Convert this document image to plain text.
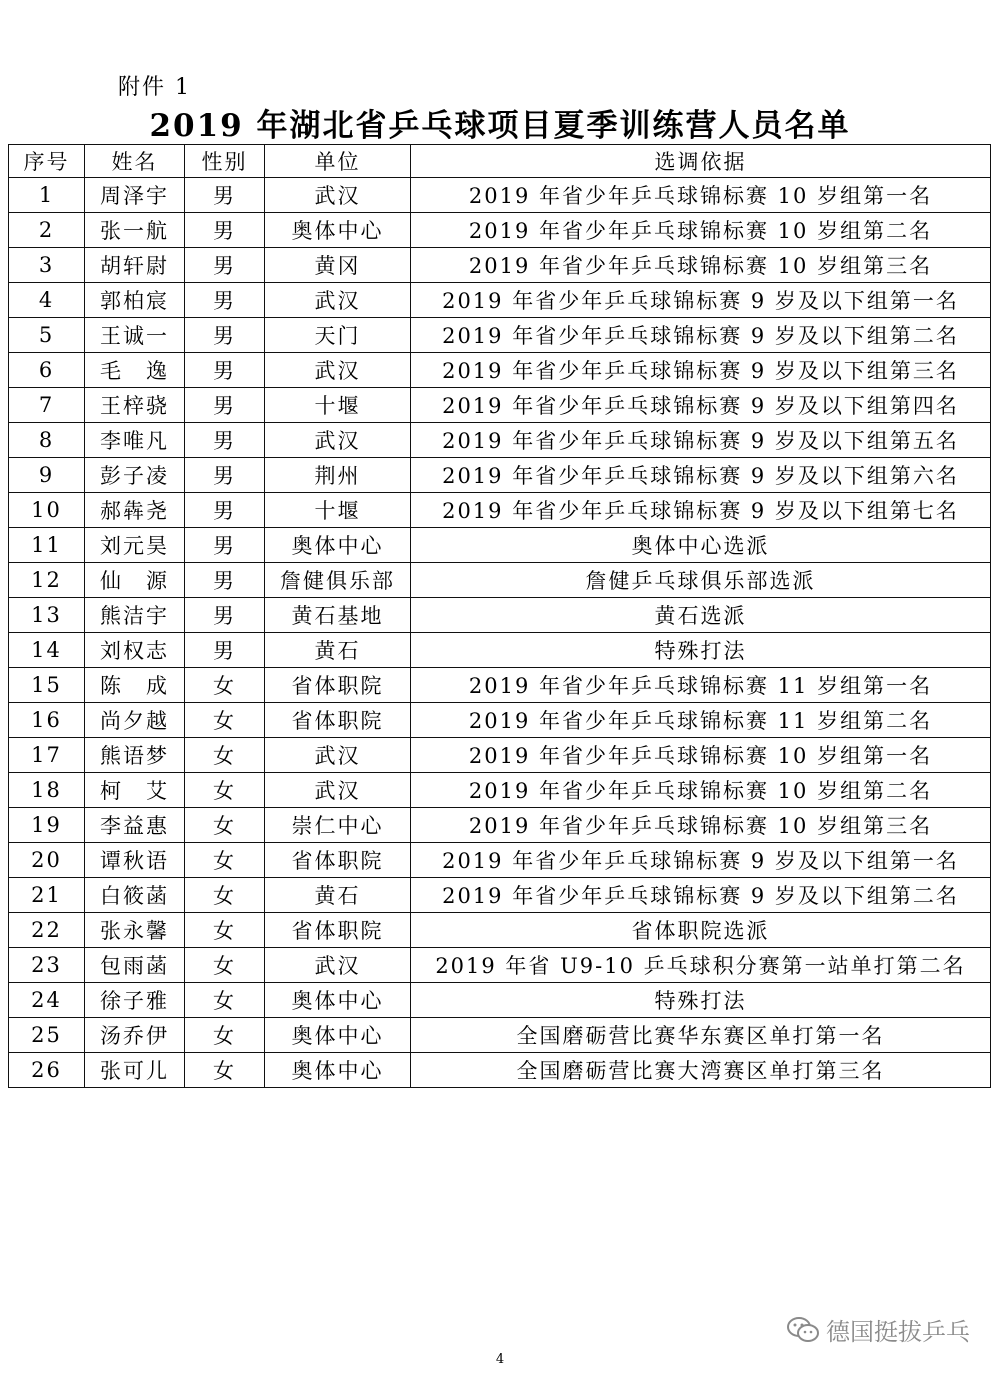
附件 1
2019 年湖北省乒乓球项目夏季训练营人员名单
序号	姓名	性别	单位	选调依据
1	周泽宇	男	武汉	2019 年省少年乒乓球锦标赛 10 岁组第一名
2	张一航	男	奥体中心	2019 年省少年乒乓球锦标赛 10 岁组第二名
3	胡轩尉	男	黄冈	2019 年省少年乒乓球锦标赛 10 岁组第三名
4	郭柏宸	男	武汉	2019 年省少年乒乓球锦标赛 9 岁及以下组第一名
5	王诚一	男	天门	2019 年省少年乒乓球锦标赛 9 岁及以下组第二名
6	毛　逸	男	武汉	2019 年省少年乒乓球锦标赛 9 岁及以下组第三名
7	王梓骁	男	十堰	2019 年省少年乒乓球锦标赛 9 岁及以下组第四名
8	李唯凡	男	武汉	2019 年省少年乒乓球锦标赛 9 岁及以下组第五名
9	彭子凌	男	荆州	2019 年省少年乒乓球锦标赛 9 岁及以下组第六名
10	郝犇尧	男	十堰	2019 年省少年乒乓球锦标赛 9 岁及以下组第七名
11	刘元昊	男	奥体中心	奥体中心选派
12	仙　源	男	詹健俱乐部	詹健乒乓球俱乐部选派
13	熊洁宇	男	黄石基地	黄石选派
14	刘权志	男	黄石	特殊打法
15	陈　成	女	省体职院	2019 年省少年乒乓球锦标赛 11 岁组第一名
16	尚夕越	女	省体职院	2019 年省少年乒乓球锦标赛 11 岁组第二名
17	熊语梦	女	武汉	2019 年省少年乒乓球锦标赛 10 岁组第一名
18	柯　艾	女	武汉	2019 年省少年乒乓球锦标赛 10 岁组第二名
19	李益惠	女	崇仁中心	2019 年省少年乒乓球锦标赛 10 岁组第三名
20	谭秋语	女	省体职院	2019 年省少年乒乓球锦标赛 9 岁及以下组第一名
21	白筱菡	女	黄石	2019 年省少年乒乓球锦标赛 9 岁及以下组第二名
22	张永馨	女	省体职院	省体职院选派
23	包雨菡	女	武汉	2019 年省 U9-10 乒乓球积分赛第一站单打第二名
24	徐子雅	女	奥体中心	特殊打法
25	汤乔伊	女	奥体中心	全国磨砺营比赛华东赛区单打第一名
26	张可儿	女	奥体中心	全国磨砺营比赛大湾赛区单打第三名
4
德国挺拔乒乓
